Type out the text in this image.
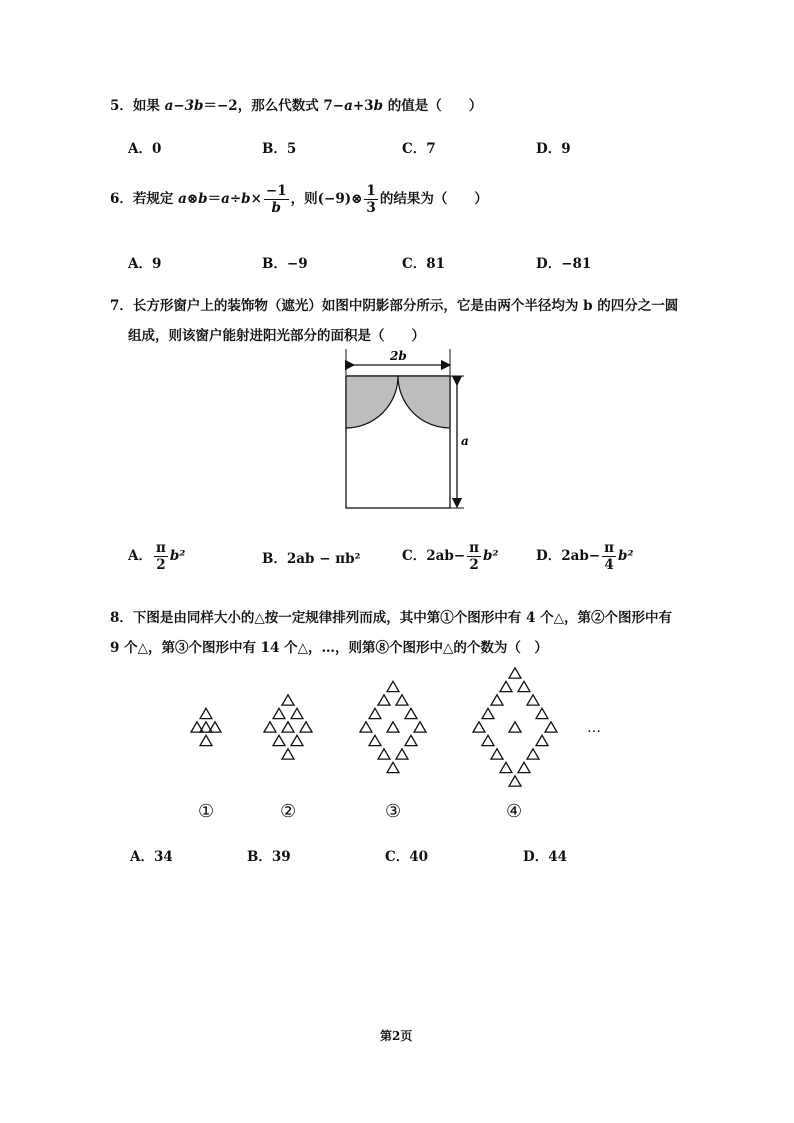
5．如果 a−3b＝−2，那么代数式 7−a+3b 的值是（　　）
A．0	B．5	C．7	D．9
6．若规定 a⊗b＝a÷b× $\frac{-1}{b}$ ，则(−9)⊗ $\frac{1}{3}$ 的结果为（　　）
A．9	B．−9	C．81	D．−81
7．长方形窗户上的装饰物（遮光）如图中阴影部分所示，它是由两个半径均为 b 的四分之一圆
组成，则该窗户能射进阳光部分的面积是（　　）
2b
a
A． $\frac{\pi}{2} b^2$	B．2ab − πb²	C．$2ab- \frac{\pi}{2} b^2$	D．$2ab- \frac{\pi}{4} b^2$
8．下图是由同样大小的△按一定规律排列而成，其中第①个图形中有 4 个△，第②个图形中有
9 个△，第③个图形中有 14 个△，…，则第⑧个图形中△的个数为（　）
①	②	③	④
…
A．34	B．39	C．40	D．44
第2页
